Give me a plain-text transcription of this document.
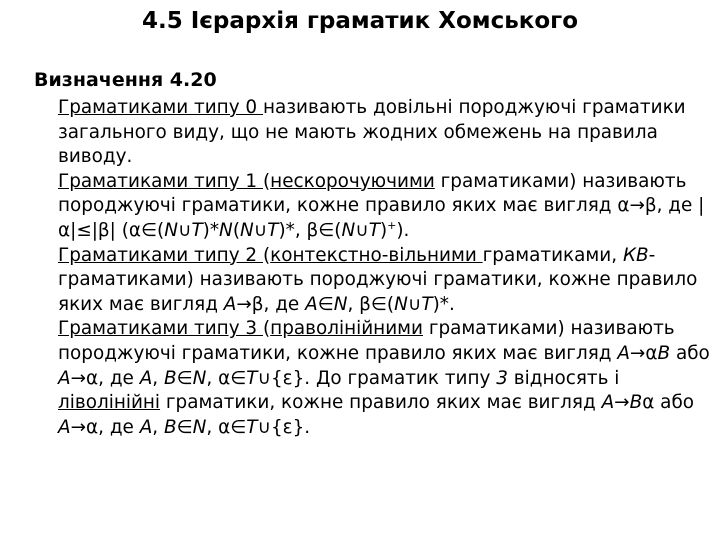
4.5 Ієрархія граматик Хомського
Визначення 4.20

Граматиками типу 0 називають довільні породжуючі граматики загального виду, що не мають жодних обмежень на правила виводу.

Граматиками типу 1 (нескорочуючими граматиками) називають породжуючі граматики, кожне правило яких має вигляд α→β, де |α|≤|β| (α∈(N∪T)*N(N∪T)*, β∈(N∪T)+).

Граматиками типу 2 (контекстно-вільними граматиками, КВ-граматиками) називають породжуючі граматики, кожне правило яких має вигляд A→β, де A∈N, β∈(N∪T)*.

Граматиками типу 3 (праволінійними граматиками) називають породжуючі граматики, кожне правило яких має вигляд A→αB або A→α, де A, B∈N, α∈T∪{ε}. До граматик типу 3 відносять і ліволінійні граматики, кожне правило яких має вигляд A→Bα або A→α, де A, B∈N, α∈T∪{ε}.
